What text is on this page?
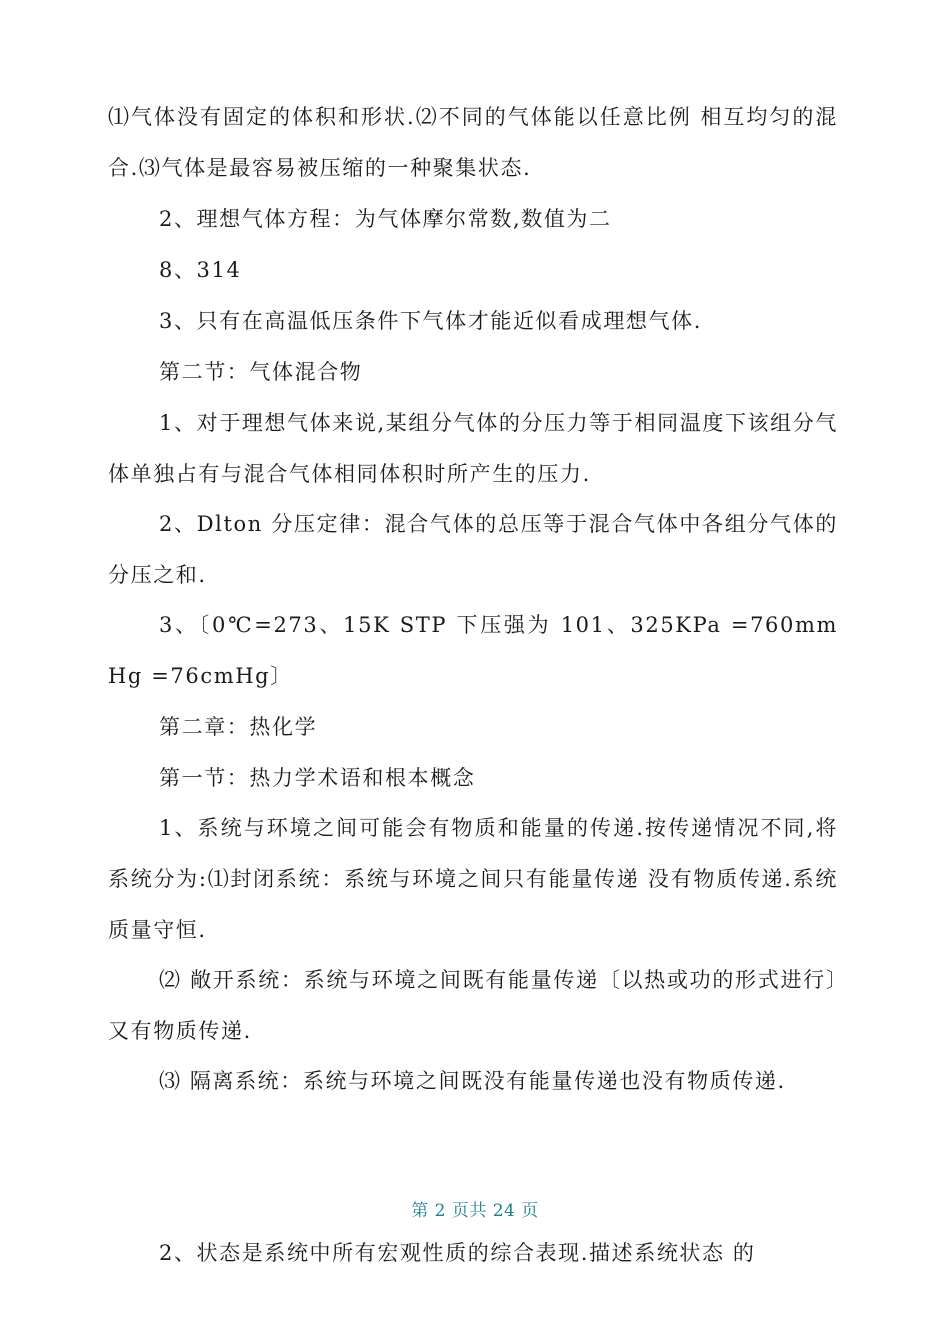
⑴气体没有固定的体积和形状.⑵不同的气体能以任意比例 相互均匀的混合.⑶气体是最容易被压缩的一种聚集状态.

2、理想气体方程：为气体摩尔常数,数值为二

8、314

3、只有在高温低压条件下气体才能近似看成理想气体.

第二节：气体混合物

1、对于理想气体来说,某组分气体的分压力等于相同温度下该组分气体单独占有与混合气体相同体积时所产生的压力.

2、Dlton 分压定律：混合气体的总压等于混合气体中各组分气体的分压之和.

3、〔0℃=273、15K STP 下压强为 101、325KPa =760mmHg =76cmHg〕

第二章：热化学

第一节：热力学术语和根本概念

1、系统与环境之间可能会有物质和能量的传递.按传递情况不同,将系统分为:⑴封闭系统：系统与环境之间只有能量传递 没有物质传递.系统质量守恒.

⑵ 敞开系统：系统与环境之间既有能量传递〔以热或功的形式进行〕又有物质传递.

⑶ 隔离系统：系统与环境之间既没有能量传递也没有物质传递.

第 2 页共 24 页

2、状态是系统中所有宏观性质的综合表现.描述系统状态 的
